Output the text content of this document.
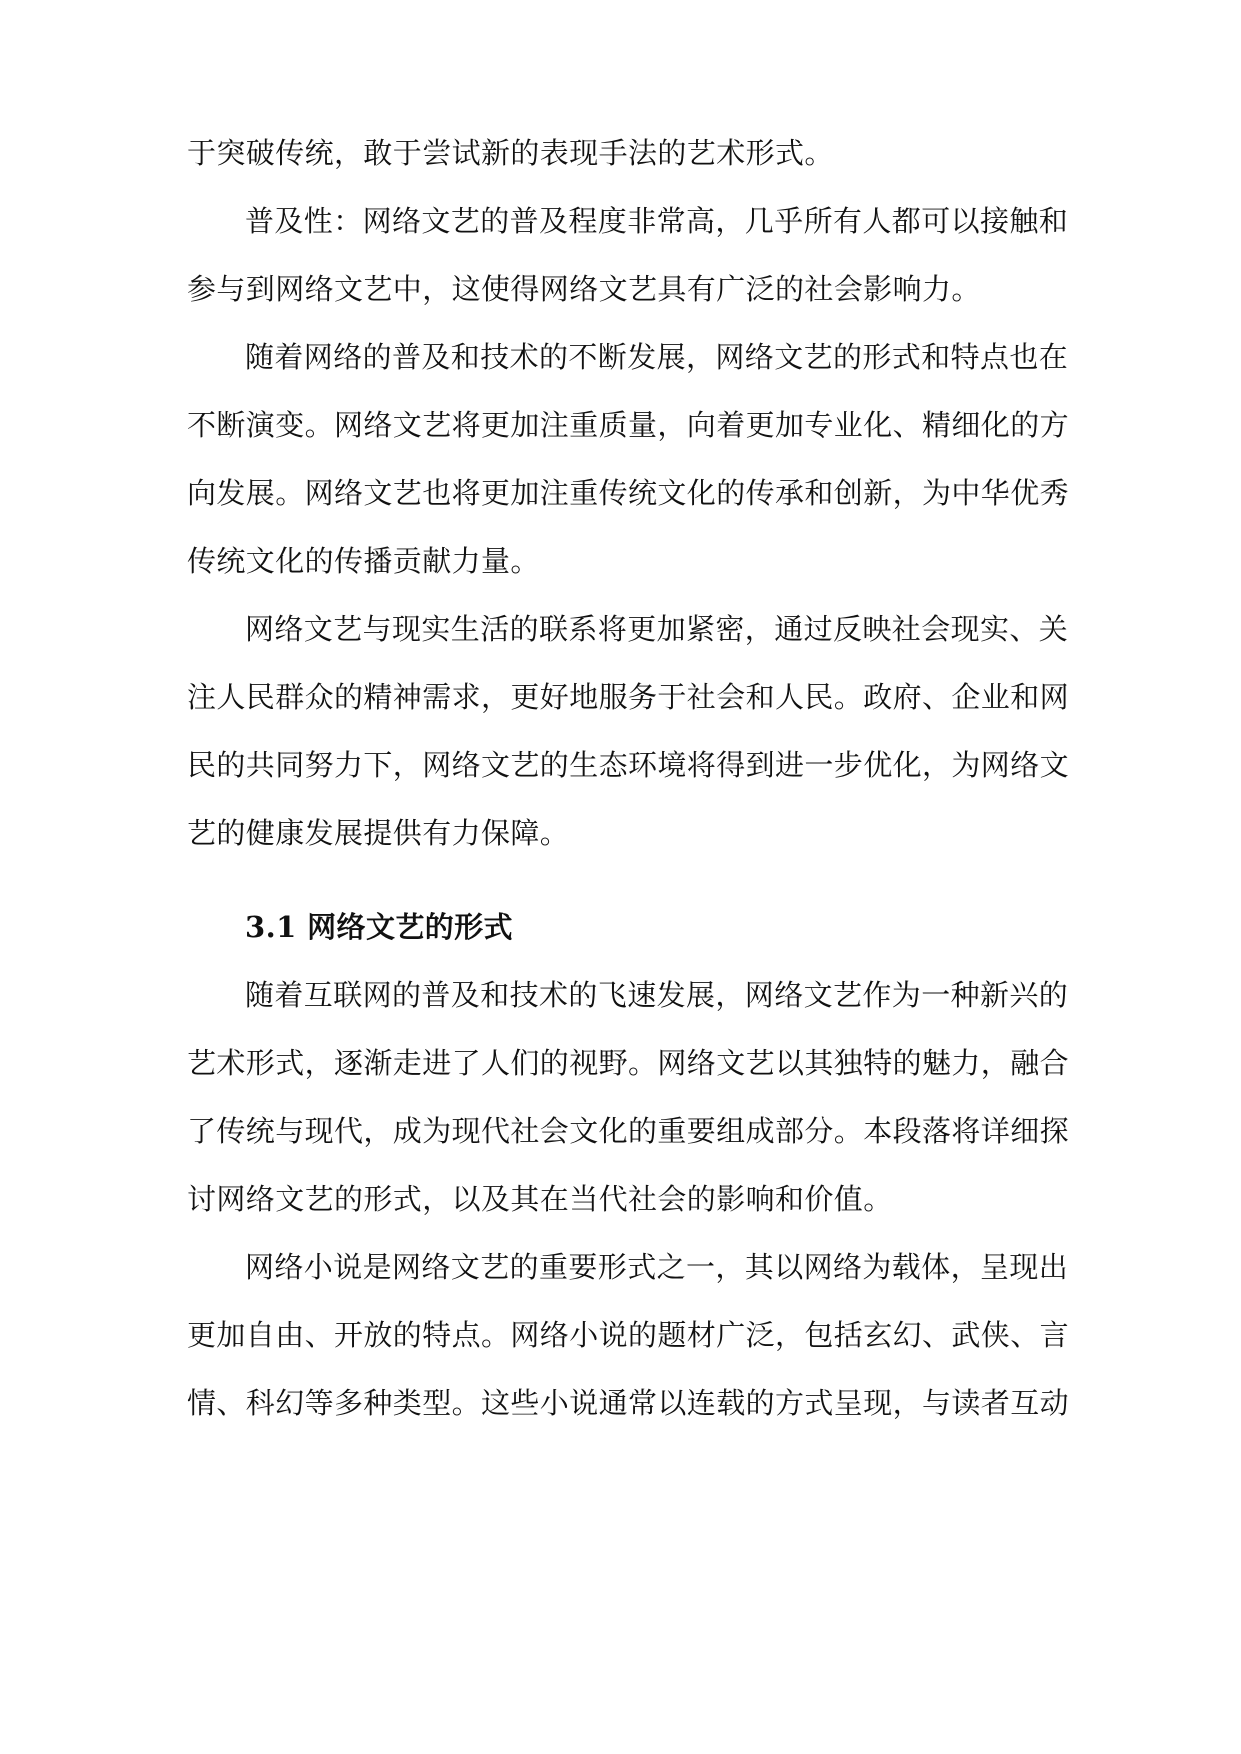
于突破传统，敢于尝试新的表现手法的艺术形式。
普及性：网络文艺的普及程度非常高，几乎所有人都可以接触和
参与到网络文艺中，这使得网络文艺具有广泛的社会影响力。
随着网络的普及和技术的不断发展，网络文艺的形式和特点也在
不断演变。网络文艺将更加注重质量，向着更加专业化、精细化的方
向发展。网络文艺也将更加注重传统文化的传承和创新，为中华优秀
传统文化的传播贡献力量。
网络文艺与现实生活的联系将更加紧密，通过反映社会现实、关
注人民群众的精神需求，更好地服务于社会和人民。政府、企业和网
民的共同努力下，网络文艺的生态环境将得到进一步优化，为网络文
艺的健康发展提供有力保障。
3.1 网络文艺的形式
随着互联网的普及和技术的飞速发展，网络文艺作为一种新兴的
艺术形式，逐渐走进了人们的视野。网络文艺以其独特的魅力，融合
了传统与现代，成为现代社会文化的重要组成部分。本段落将详细探
讨网络文艺的形式，以及其在当代社会的影响和价值。
网络小说是网络文艺的重要形式之一，其以网络为载体，呈现出
更加自由、开放的特点。网络小说的题材广泛，包括玄幻、武侠、言
情、科幻等多种类型。这些小说通常以连载的方式呈现，与读者互动
